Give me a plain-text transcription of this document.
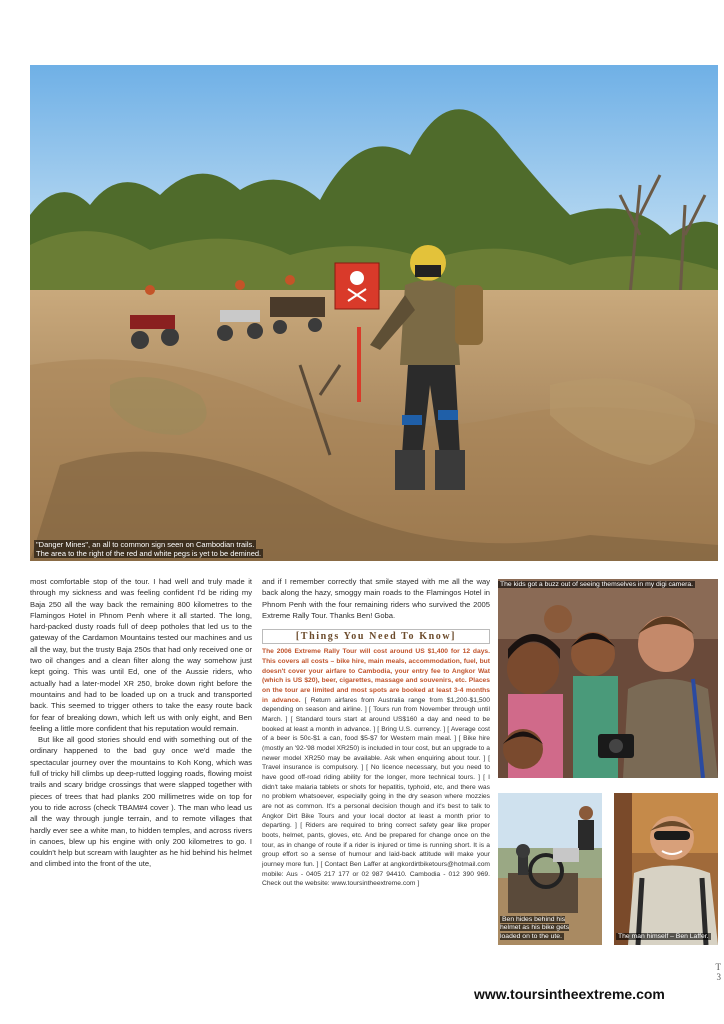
"Danger Mines", an all to common sign seen on Cambodian trails.
The area to the right of the red and white pegs is yet to be demined.

most comfortable stop of the tour. I had well and truly made it through my sickness and was feeling confident I'd be riding my Baja 250 all the way back the remaining 800 kilometres to the Flamingos Hotel in Phnom Penh where it all started. The long, hard-packed dusty roads full of deep potholes that led us to the gateway of the Cardamon Mountains tested our machines and us all the way, but the trusty Baja 250s that had only received one or two oil changes and a clean filter along the way somehow just kept going. This was until Ed, one of the Aussie riders, who actually had a later-model XR 250, broke down right before the mountains and had to be loaded up on a truck and transported back. This seemed to trigger others to take the easy route back for fear of breaking down, which left us with only eight, and Ben feeling a little more confident that his reputation would remain.

But like all good stories should end with something out of the ordinary happened to the bad guy once we'd made the spectacular journey over the mountains to Koh Kong, which was full of tricky hill climbs up deep-rutted logging roads, flowing moist trails and scary bridge crossings that were slapped together with pieces of trees that had planks 200 millimetres wide on top for you to ride across (check TBAM#4 cover ). The man who lead us all the way through jungle terrain, and to remote villages that hardly ever see a white man, to hidden temples, and across rivers in canoes, blew up his engine with only 200 kilometres to go. I couldn't help but scream with laughter as he hid behind his helmet and climbed into the front of the ute,

and if I remember correctly that smile stayed with me all the way back along the hazy, smoggy main roads to the Flamingos Hotel in Phnom Penh with the four remaining riders who survived the 2005 Extreme Rally Tour. Thanks Ben! Goba.

[Things You Need To Know]
The 2006 Extreme Rally Tour will cost around US $1,400 for 12 days. This covers all costs – bike hire, main meals, accommodation, fuel, but doesn't cover your airfare to Cambodia, your entry fee to Angkor Wat (which is US $20), beer, cigarettes, massage and souvenirs, etc. Places on the tour are limited and most spots are booked at least 3-4 months in advance. [ Return airfares from Australia range from $1,200-$1,500 depending on season and airline. ] [ Tours run from November through until March. ] [ Standard tours start at around US$160 a day and need to be booked at least a month in advance. ] [ Bring U.S. currency. ] [ Average cost of a beer is 50c-$1 a can, food $5-$7 for Western main meal. ] [ Bike hire (mostly an '92-'98 model XR250) is included in tour cost, but an upgrade to a newer model XR250 may be available. Ask when enquiring about tour. ] [ Travel insurance is compulsory. ] [ No licence necessary, but you need to have good off-road riding ability for the longer, more technical tours. ] [ I didn't take malaria tablets or shots for hepatitis, typhoid, etc, and there was no problem whatsoever, especially going in the dry season where mozzies are not as common. It's a personal decision though and it's best to talk to Angkor Dirt Bike Tours and your local doctor at least a month prior to departing. ] [ Riders are required to bring correct safety gear like proper boots, helmet, pants, gloves, etc. And be prepared for change once on the tour, as in change of route if a rider is injured or time is running short. It is a group effort so a sense of humour and laid-back attitude will make your journey more fun. ] [ Contact Ben Laffer at angkordirtbiketours@hotmail.com mobile: Aus - 0405 217 177 or 02 987 94410. Cambodia - 012 390 969. Check out the website: www.toursintheextreme.com ]
The kids got a buzz out of seeing themselves in my digi camera.
Ben hides behind his helmet as his bike gets loaded on to the ute.	The man himself – Ben Laffer.
T
3
www.toursintheextreme.com
